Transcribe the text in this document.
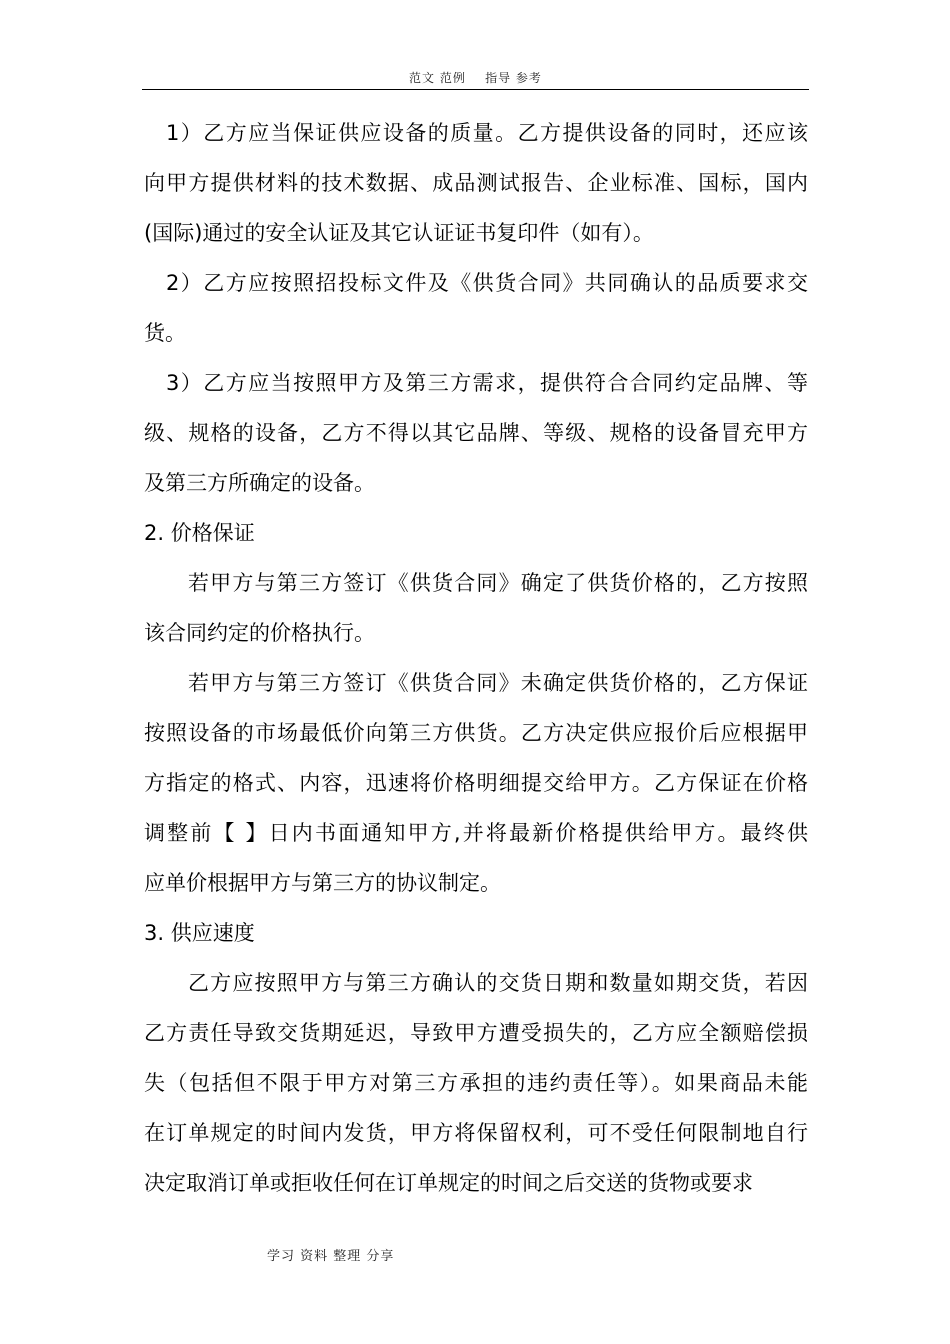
范文 范例    指导 参考
1）乙方应当保证供应设备的质量。乙方提供设备的同时，还应该
向甲方提供材料的技术数据、成品测试报告、企业标准、国标，国内
(国际)通过的安全认证及其它认证证书复印件（如有）。
2）乙方应按照招投标文件及《供货合同》共同确认的品质要求交
货。
3）乙方应当按照甲方及第三方需求，提供符合合同约定品牌、等
级、规格的设备，乙方不得以其它品牌、等级、规格的设备冒充甲方
及第三方所确定的设备。
2. 价格保证
若甲方与第三方签订《供货合同》确定了供货价格的，乙方按照
该合同约定的价格执行。
若甲方与第三方签订《供货合同》未确定供货价格的，乙方保证
按照设备的市场最低价向第三方供货。乙方决定供应报价后应根据甲
方指定的格式、内容，迅速将价格明细提交给甲方。乙方保证在价格
调整前【 】日内书面通知甲方,并将最新价格提供给甲方。最终供
应单价根据甲方与第三方的协议制定。
3. 供应速度
乙方应按照甲方与第三方确认的交货日期和数量如期交货，若因
乙方责任导致交货期延迟，导致甲方遭受损失的，乙方应全额赔偿损
失（包括但不限于甲方对第三方承担的违约责任等）。如果商品未能
在订单规定的时间内发货，甲方将保留权利，可不受任何限制地自行
决定取消订单或拒收任何在订单规定的时间之后交送的货物或要求
学习 资料 整理 分享
